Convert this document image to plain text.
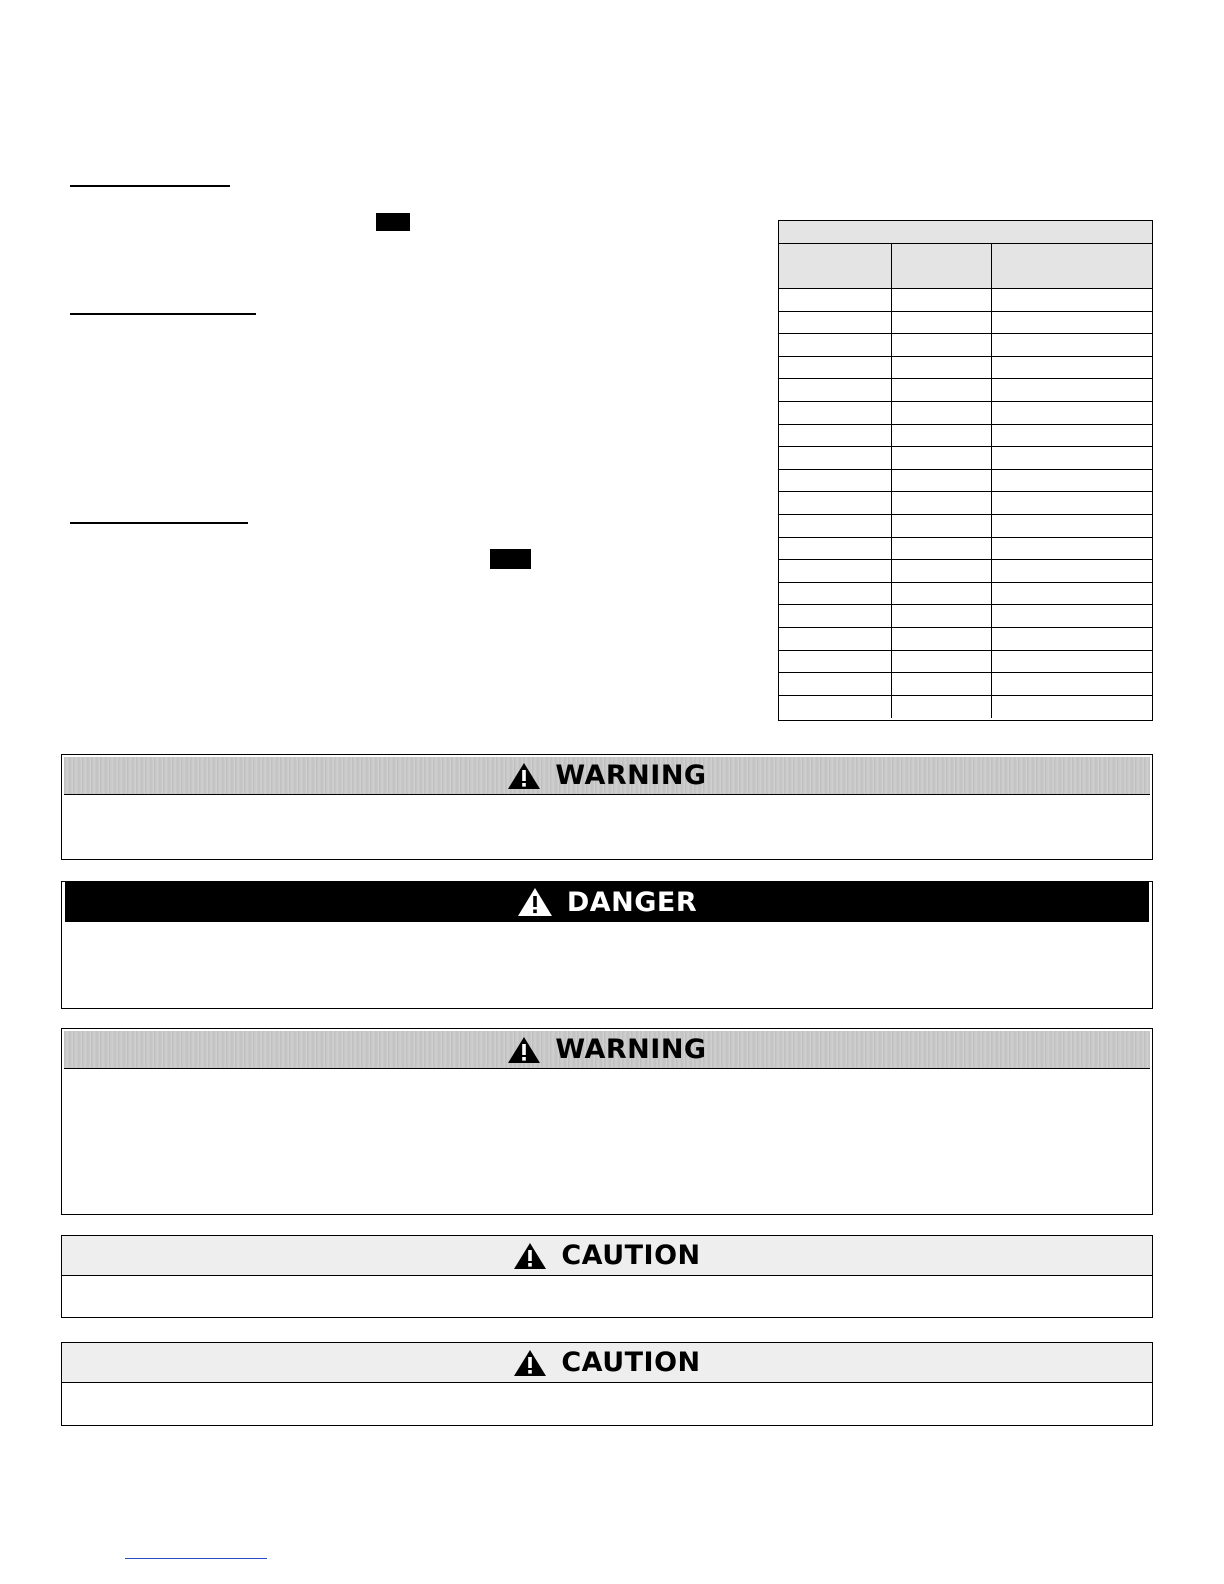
WARNING
DANGER
WARNING
CAUTION
CAUTION
